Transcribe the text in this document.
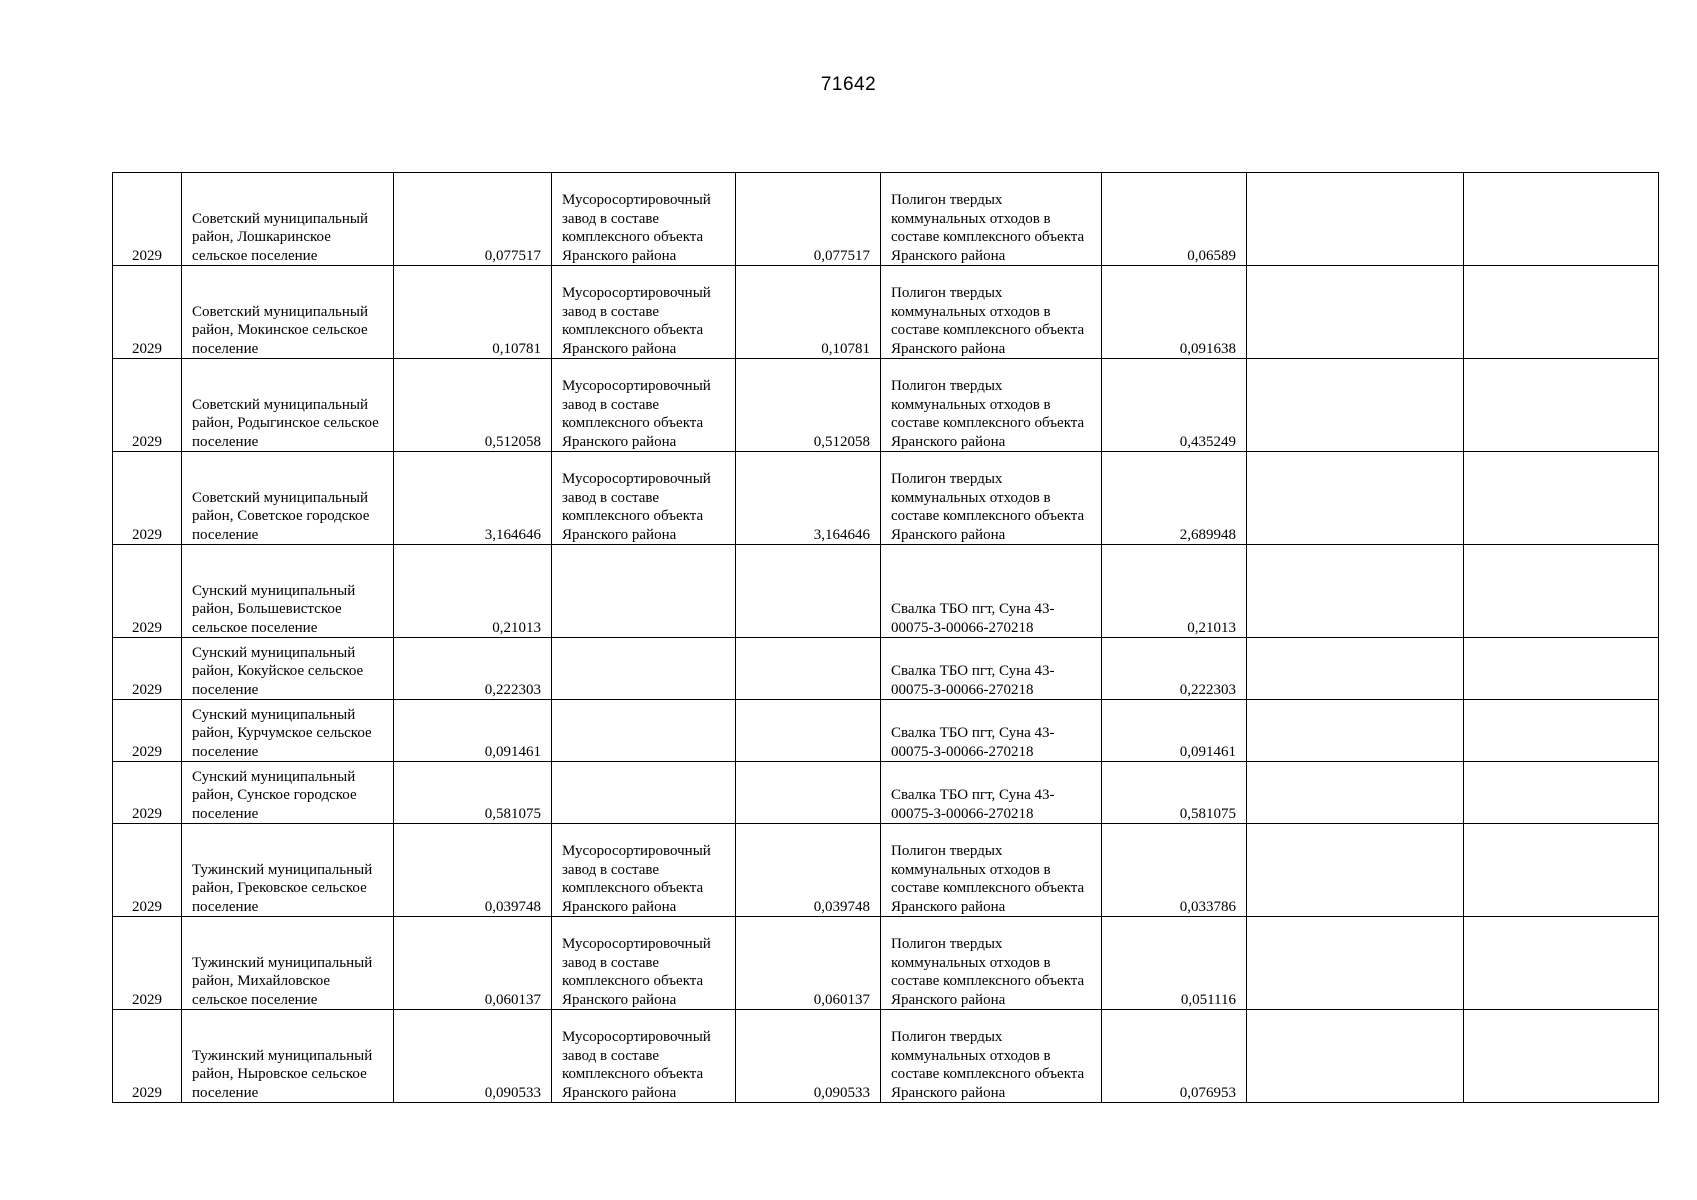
71642
2029	Советский муниципальный район, Лошкаринское сельское поселение	0,077517	Мусоросортировочный завод в составе комплексного объекта Яранского района	0,077517	Полигон твердых коммунальных отходов в составе комплексного объекта Яранского района	0,06589		
2029	Советский муниципальный район, Мокинское сельское поселение	0,10781	Мусоросортировочный завод в составе комплексного объекта Яранского района	0,10781	Полигон твердых коммунальных отходов в составе комплексного объекта Яранского района	0,091638		
2029	Советский муниципальный район, Родыгинское сельское поселение	0,512058	Мусоросортировочный завод в составе комплексного объекта Яранского района	0,512058	Полигон твердых коммунальных отходов в составе комплексного объекта Яранского района	0,435249		
2029	Советский муниципальный район, Советское городское поселение	3,164646	Мусоросортировочный завод в составе комплексного объекта Яранского района	3,164646	Полигон твердых коммунальных отходов в составе комплексного объекта Яранского района	2,689948		
2029	Сунский муниципальный район, Большевистское сельское поселение	0,21013			Свалка ТБО пгт, Суна 43-00075-З-00066-270218	0,21013		
2029	Сунский муниципальный район, Кокуйское сельское поселение	0,222303			Свалка ТБО пгт, Суна 43-00075-З-00066-270218	0,222303		
2029	Сунский муниципальный район, Курчумское сельское поселение	0,091461			Свалка ТБО пгт, Суна 43-00075-З-00066-270218	0,091461		
2029	Сунский муниципальный район, Сунское городское поселение	0,581075			Свалка ТБО пгт, Суна 43-00075-З-00066-270218	0,581075		
2029	Тужинский муниципальный район, Грековское сельское поселение	0,039748	Мусоросортировочный завод в составе комплексного объекта Яранского района	0,039748	Полигон твердых коммунальных отходов в составе комплексного объекта Яранского района	0,033786		
2029	Тужинский муниципальный район, Михайловское сельское поселение	0,060137	Мусоросортировочный завод в составе комплексного объекта Яранского района	0,060137	Полигон твердых коммунальных отходов в составе комплексного объекта Яранского района	0,051116		
2029	Тужинский муниципальный район, Ныровское сельское поселение	0,090533	Мусоросортировочный завод в составе комплексного объекта Яранского района	0,090533	Полигон твердых коммунальных отходов в составе комплексного объекта Яранского района	0,076953		
